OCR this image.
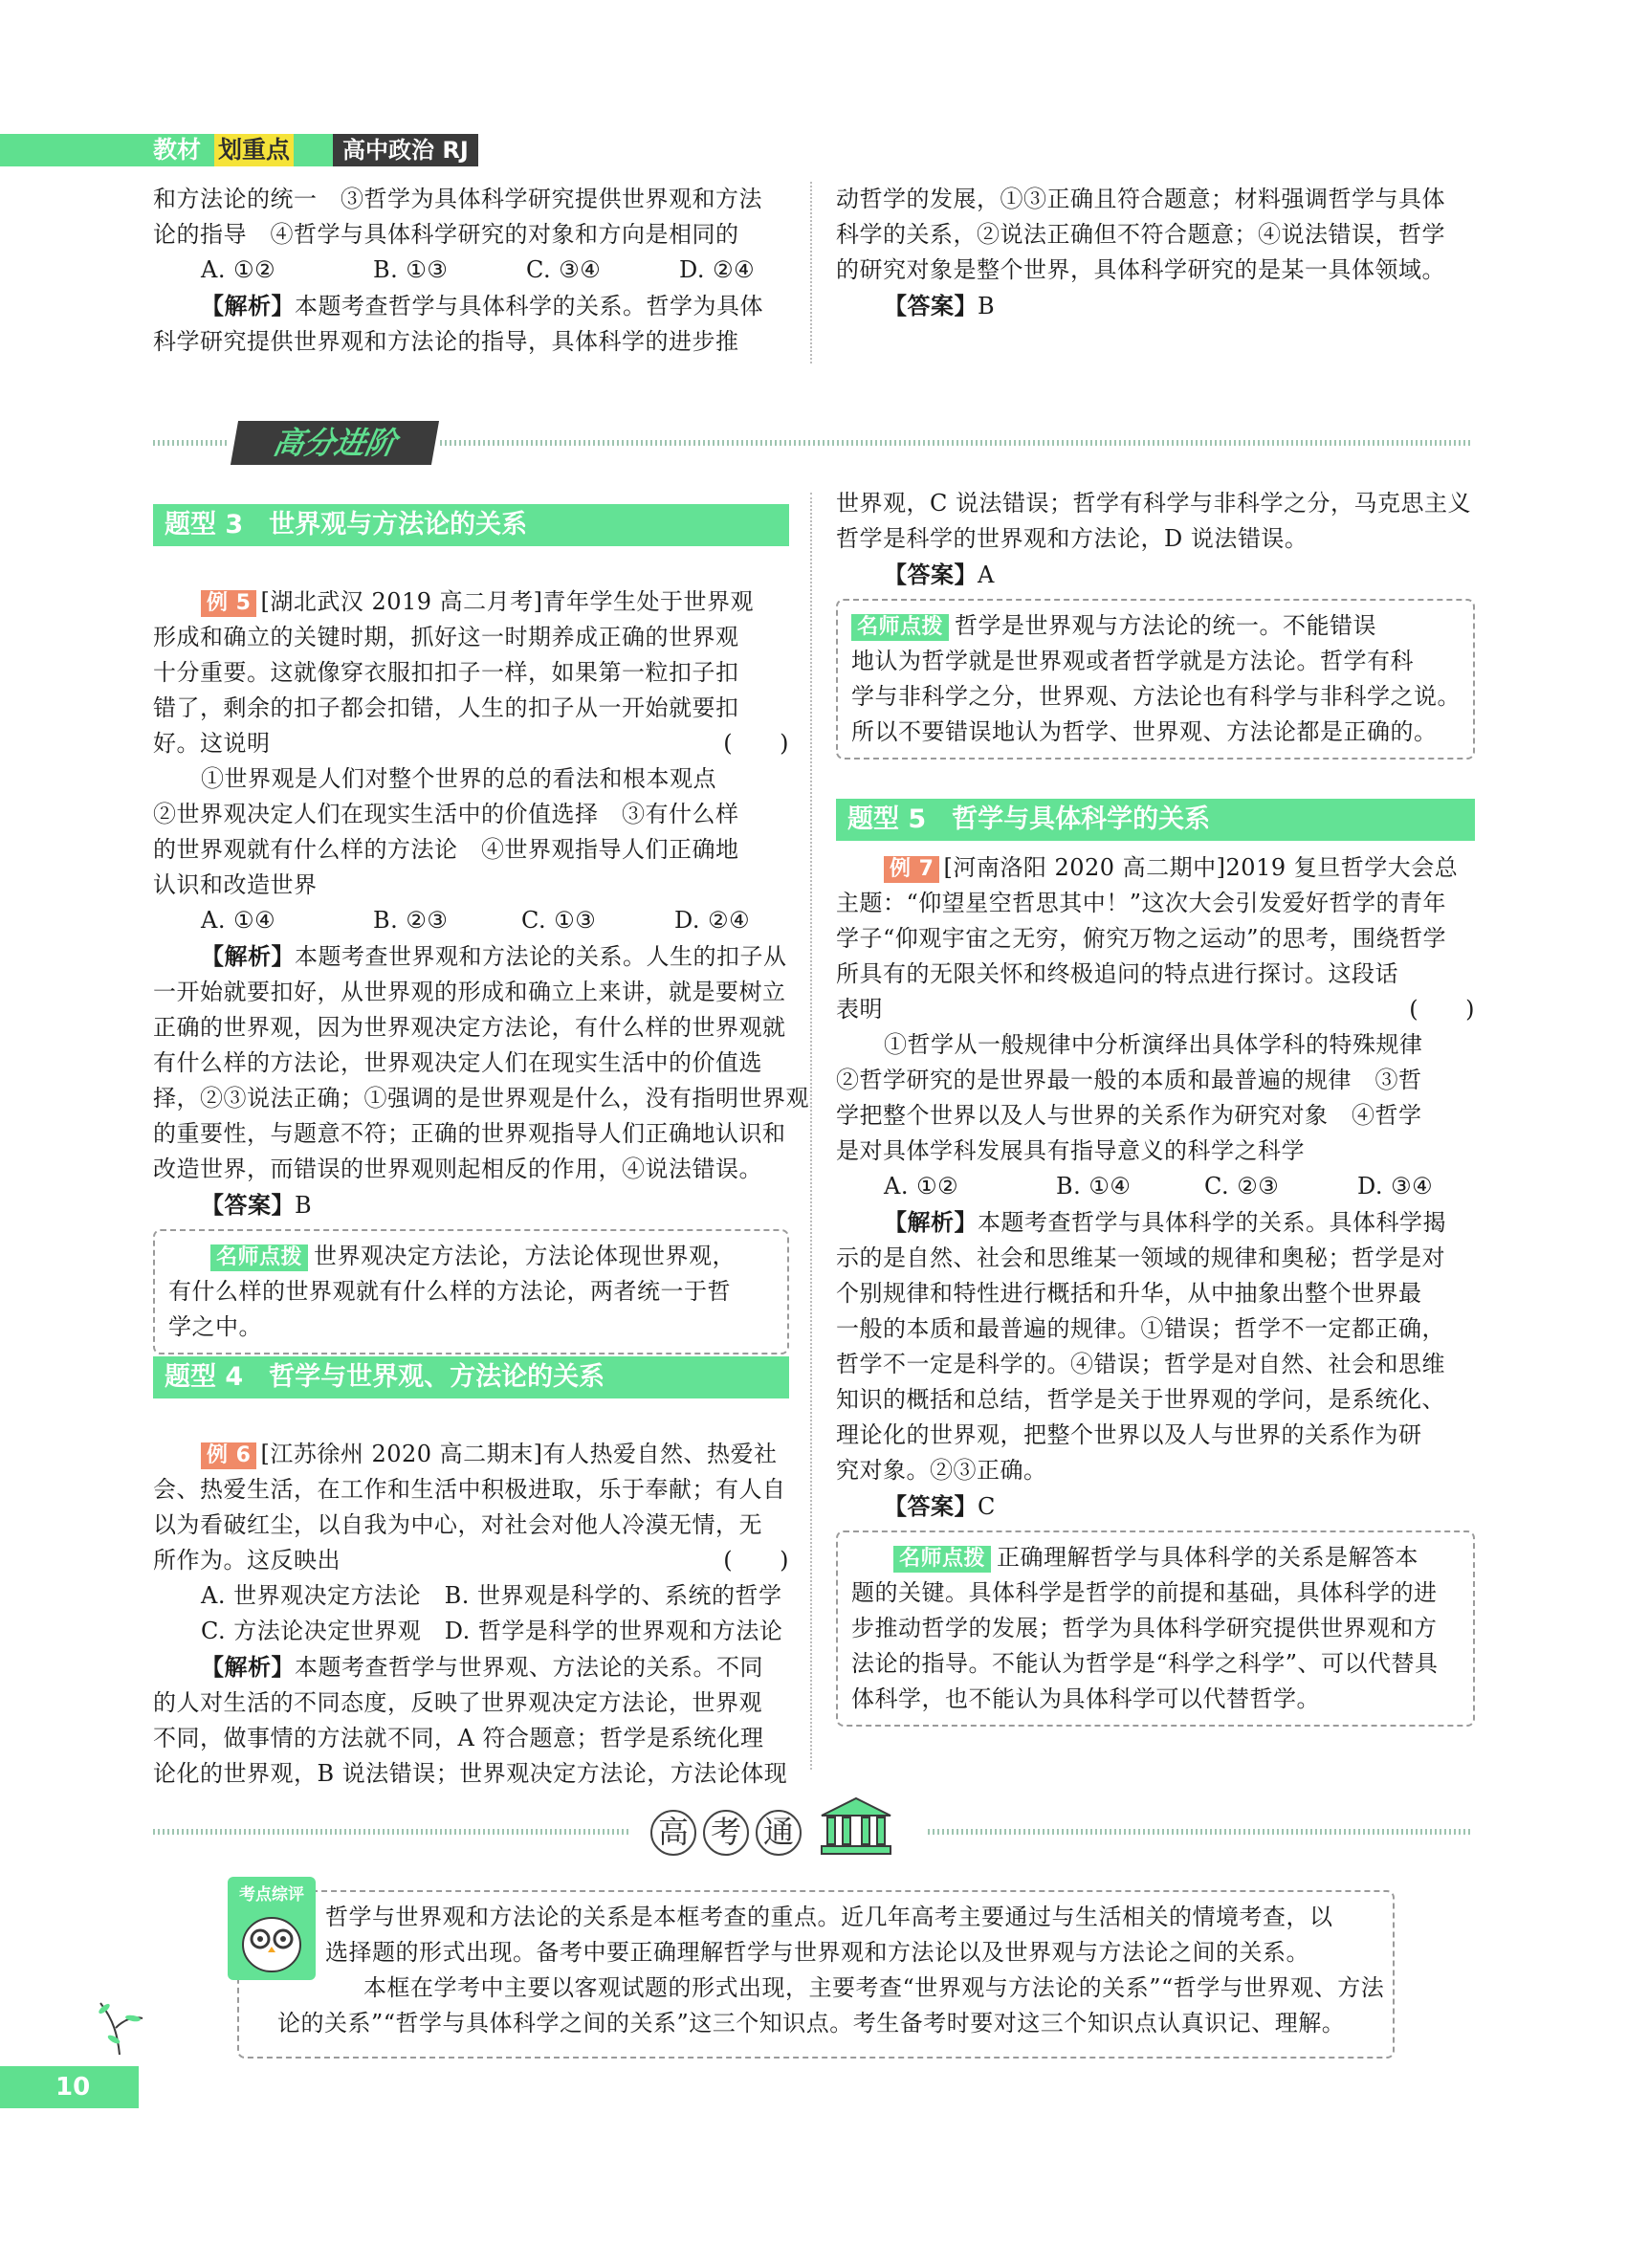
教材 划重点	高中政治 RJ
和方法论的统一　③哲学为具体科学研究提供世界观和方法
论的指导　④哲学与具体科学研究的对象和方向是相同的
A. ①②	B. ①③	C. ③④	D. ②④
【解析】本题考查哲学与具体科学的关系。哲学为具体
科学研究提供世界观和方法论的指导，具体科学的进步推
动哲学的发展，①③正确且符合题意；材料强调哲学与具体
科学的关系，②说法正确但不符合题意；④说法错误，哲学
的研究对象是整个世界，具体科学研究的是某一具体领域。
【答案】B
高分进阶
题型 3　世界观与方法论的关系
例 5 [湖北武汉 2019 高二月考]青年学生处于世界观
形成和确立的关键时期，抓好这一时期养成正确的世界观
十分重要。这就像穿衣服扣扣子一样，如果第一粒扣子扣
错了，剩余的扣子都会扣错，人生的扣子从一开始就要扣
好。这说明	(　　)
①世界观是人们对整个世界的总的看法和根本观点
②世界观决定人们在现实生活中的价值选择　③有什么样
的世界观就有什么样的方法论　④世界观指导人们正确地
认识和改造世界
A. ①④	B. ②③	C. ①③	D. ②④
【解析】本题考查世界观和方法论的关系。人生的扣子从
一开始就要扣好，从世界观的形成和确立上来讲，就是要树立
正确的世界观，因为世界观决定方法论，有什么样的世界观就
有什么样的方法论，世界观决定人们在现实生活中的价值选
择，②③说法正确；①强调的是世界观是什么，没有指明世界观
的重要性，与题意不符；正确的世界观指导人们正确地认识和
改造世界，而错误的世界观则起相反的作用，④说法错误。
【答案】B
名师点拨 世界观决定方法论，方法论体现世界观，
有什么样的世界观就有什么样的方法论，两者统一于哲
学之中。
题型 4　哲学与世界观、方法论的关系
例 6 [江苏徐州 2020 高二期末]有人热爱自然、热爱社
会、热爱生活，在工作和生活中积极进取，乐于奉献；有人自
以为看破红尘，以自我为中心，对社会对他人冷漠无情，无
所作为。这反映出	(　　)
A. 世界观决定方法论　B. 世界观是科学的、系统的哲学
C. 方法论决定世界观　D. 哲学是科学的世界观和方法论
【解析】本题考查哲学与世界观、方法论的关系。不同
的人对生活的不同态度，反映了世界观决定方法论，世界观
不同，做事情的方法就不同，A 符合题意；哲学是系统化理
论化的世界观，B 说法错误；世界观决定方法论，方法论体现
世界观，C 说法错误；哲学有科学与非科学之分，马克思主义
哲学是科学的世界观和方法论，D 说法错误。
【答案】A
名师点拨 哲学是世界观与方法论的统一。不能错误
地认为哲学就是世界观或者哲学就是方法论。哲学有科
学与非科学之分，世界观、方法论也有科学与非科学之说。
所以不要错误地认为哲学、世界观、方法论都是正确的。
题型 5　哲学与具体科学的关系
例 7 [河南洛阳 2020 高二期中]2019 复旦哲学大会总
主题：“仰望星空哲思其中！”这次大会引发爱好哲学的青年
学子“仰观宇宙之无穷，俯究万物之运动”的思考，围绕哲学
所具有的无限关怀和终极追问的特点进行探讨。这段话
表明	(　　)
①哲学从一般规律中分析演绎出具体学科的特殊规律
②哲学研究的是世界最一般的本质和最普遍的规律　③哲
学把整个世界以及人与世界的关系作为研究对象　④哲学
是对具体学科发展具有指导意义的科学之科学
A. ①②	B. ①④	C. ②③	D. ③④
【解析】本题考查哲学与具体科学的关系。具体科学揭
示的是自然、社会和思维某一领域的规律和奥秘；哲学是对
个别规律和特性进行概括和升华，从中抽象出整个世界最
一般的本质和最普遍的规律。①错误；哲学不一定都正确，
哲学不一定是科学的。④错误；哲学是对自然、社会和思维
知识的概括和总结，哲学是关于世界观的学问，是系统化、
理论化的世界观，把整个世界以及人与世界的关系作为研
究对象。②③正确。
【答案】C
名师点拨 正确理解哲学与具体科学的关系是解答本
题的关键。具体科学是哲学的前提和基础，具体科学的进
步推动哲学的发展；哲学为具体科学研究提供世界观和方
法论的指导。不能认为哲学是“科学之科学”、可以代替具
体科学，也不能认为具体科学可以代替哲学。
高 考 通
哲学与世界观和方法论的关系是本框考查的重点。近几年高考主要通过与生活相关的情境考查，以
选择题的形式出现。备考中要正确理解哲学与世界观和方法论以及世界观与方法论之间的关系。
本框在学考中主要以客观试题的形式出现，主要考查“世界观与方法论的关系”“哲学与世界观、方法
论的关系”“哲学与具体科学之间的关系”这三个知识点。考生备考时要对这三个知识点认真识记、理解。
考点综评
10
